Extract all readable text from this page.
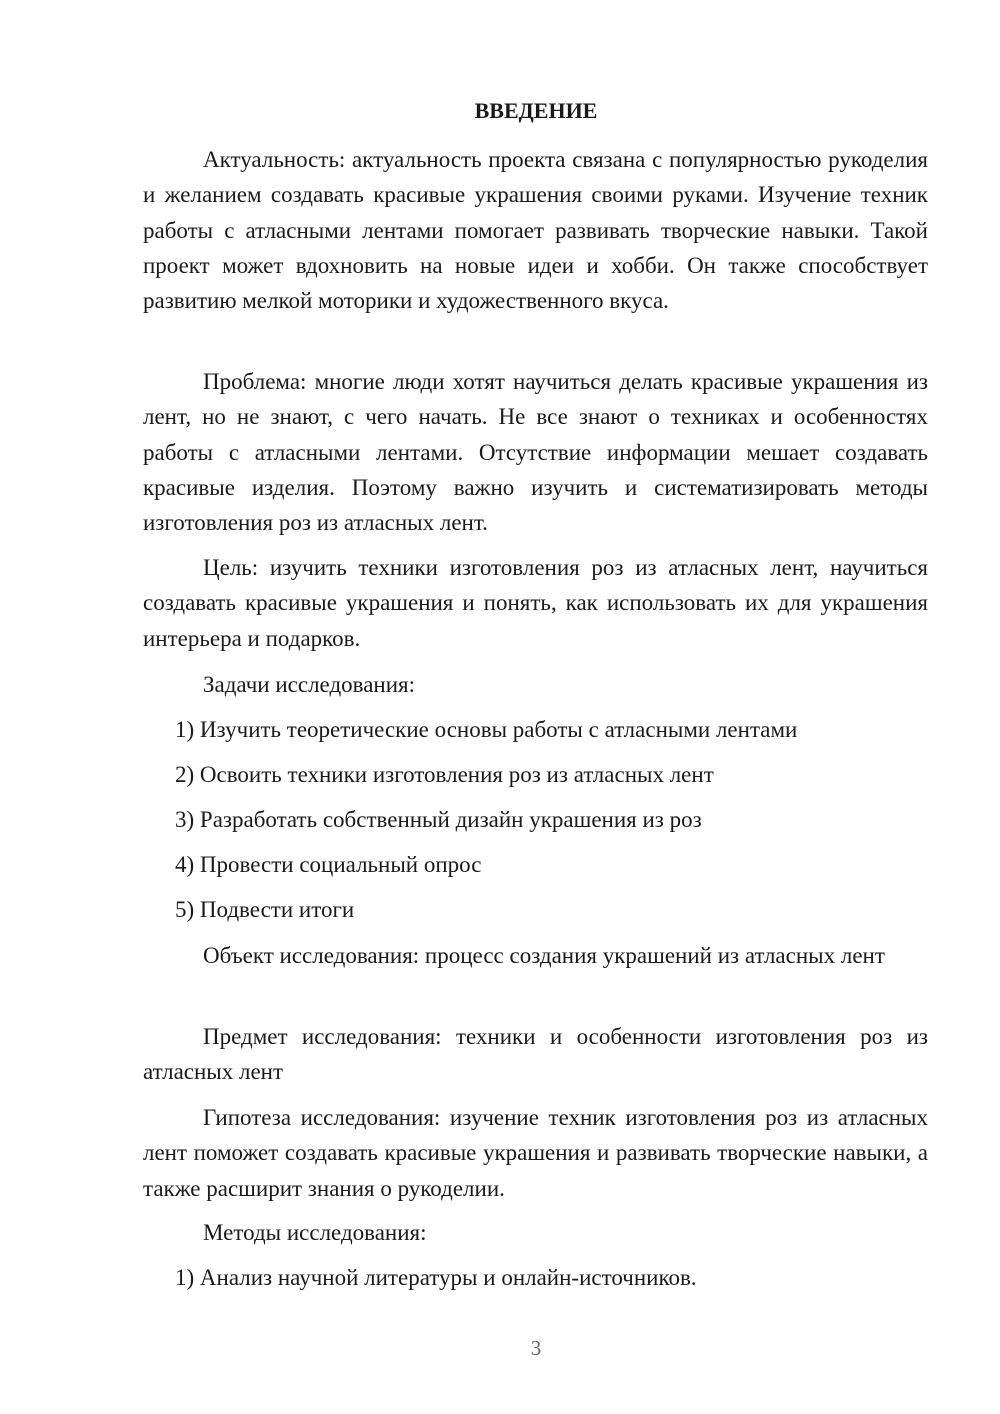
ВВЕДЕНИЕ

Актуальность: актуальность проекта связана с популярностью рукоделия и желанием создавать красивые украшения своими руками. Изучение техник работы с атласными лентами помогает развивать творческие навыки. Такой проект может вдохновить на новые идеи и хобби. Он также способствует развитию мелкой моторики и художественного вкуса.

Проблема: многие люди хотят научиться делать красивые украшения из лент, но не знают, с чего начать. Не все знают о техниках и особенностях работы с атласными лентами. Отсутствие информации мешает создавать красивые изделия. Поэтому важно изучить и систематизировать методы изготовления роз из атласных лент.

Цель: изучить техники изготовления роз из атласных лент, научиться создавать красивые украшения и понять, как использовать их для украшения интерьера и подарков.

Задачи исследования:
1) Изучить теоретические основы работы с атласными лентами
2) Освоить техники изготовления роз из атласных лент
3) Разработать собственный дизайн украшения из роз
4) Провести социальный опрос
5) Подвести итоги

Объект исследования: процесс создания украшений из атласных лент

Предмет исследования: техники и особенности изготовления роз из атласных лент

Гипотеза исследования: изучение техник изготовления роз из атласных лент поможет создавать красивые украшения и развивать творческие навыки, а также расширит знания о рукоделии.

Методы исследования:
1) Анализ научной литературы и онлайн-источников.
3
